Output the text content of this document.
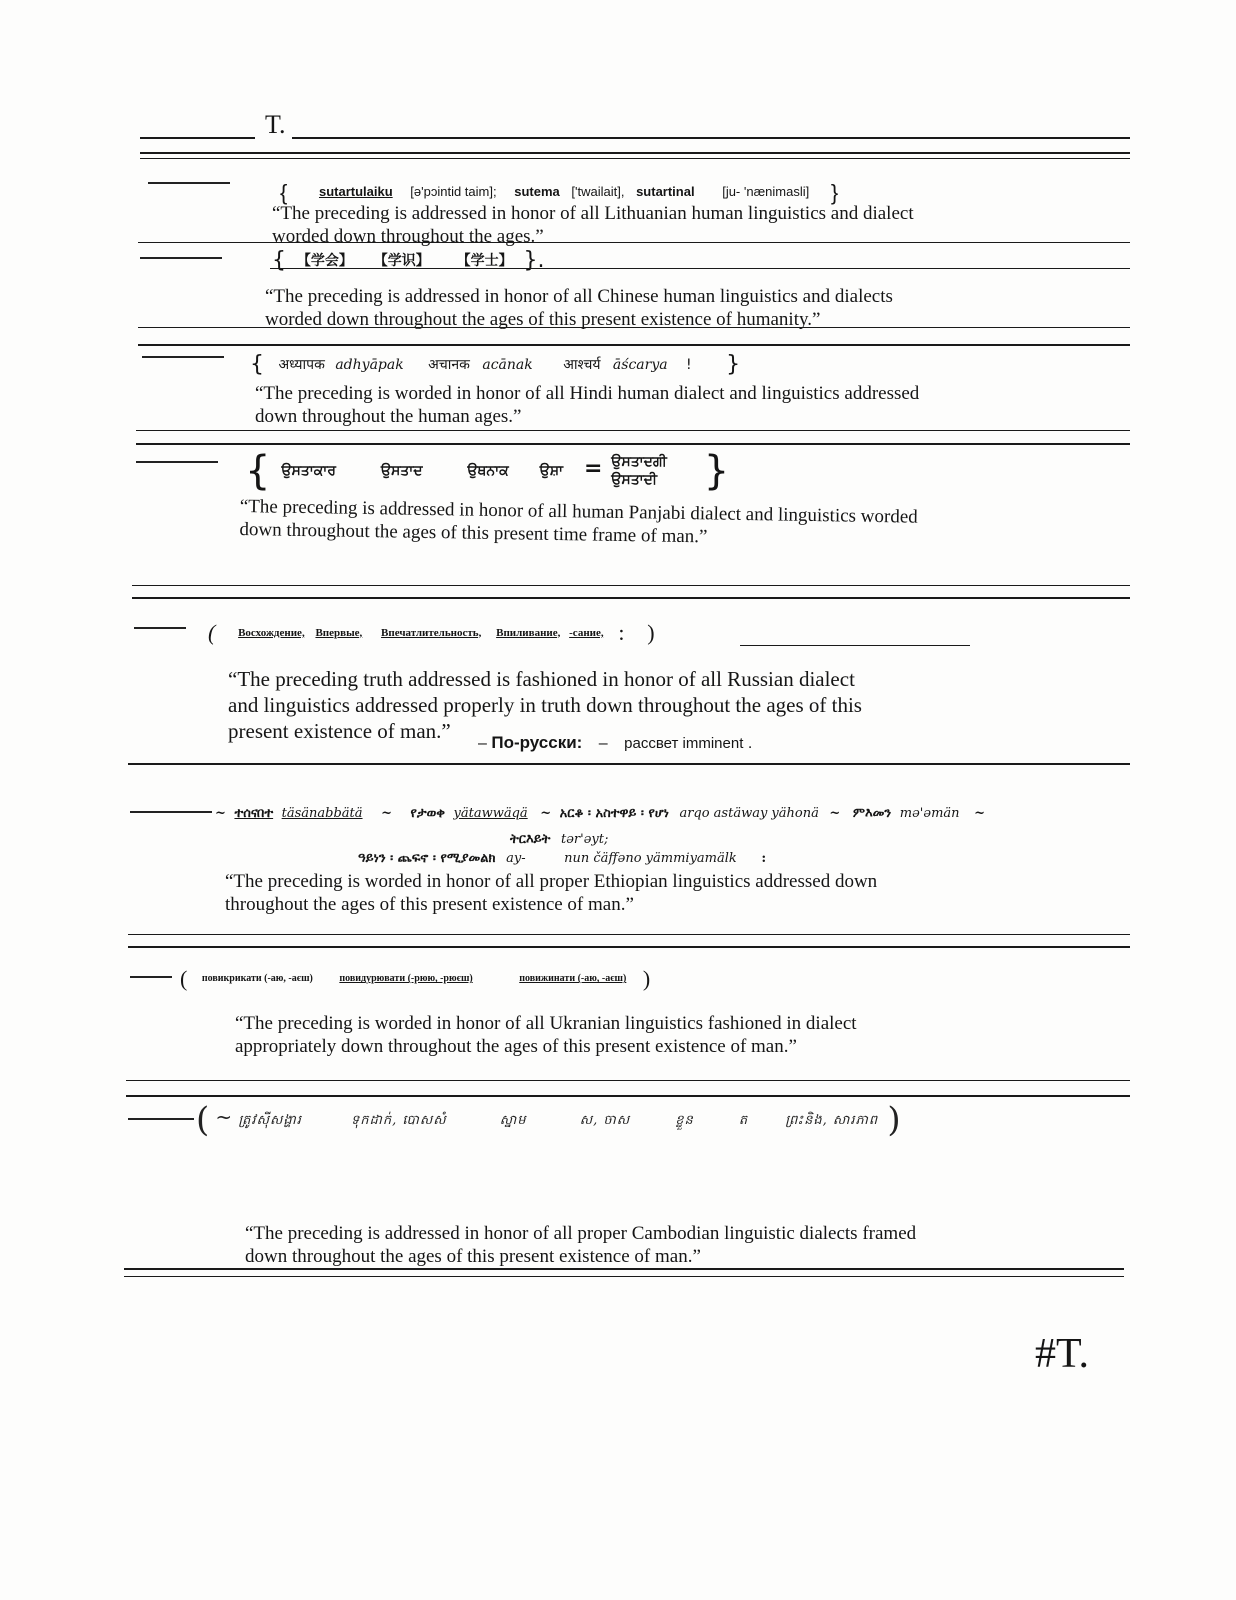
T.
{ sutartulaiku [ə'pɔintid taim]; sutema ['twailait], sutartinal [ju- 'nænimasli] }
“The preceding is addressed in honor of all Lithuanian human linguistics and dialect
worded down throughout the ages.”
{ 【学会】 【学识】 【学士】 }.
“The preceding is addressed in honor of all Chinese human linguistics and dialects
worded down throughout the ages of this present existence of humanity.”
{ अध्यापक adhyāpak अचानक acānak आश्चर्य āścarya ! }
“The preceding is worded in honor of all Hindi human dialect and linguistics addressed
down throughout the human ages.”
{ ਉਸਤਾਕਾਰ	ਉਸਤਾਦ	ਉਥਨਾਕ ਉਸ਼ਾ = ਉਸਤਾਦਗੀ
ਉਸਤਾਦੀ }
“The preceding is addressed in honor of all human Panjabi dialect and linguistics worded
down throughout the ages of this present time frame of man.”
( Восхождение, Впервые, Впечатлительность, Впиливание, -сание, : )
“The preceding truth addressed is fashioned in honor of all Russian dialect
and linguistics addressed properly in truth down throughout the ages of this
present existence of man.”
– По-русски: – рассвет imminent .
~ ተሰናበተ täsänabbätä ~ የታወቀ yätawwäqä ~ አርቆ ፡ አስተዋይ ፡ የሆነ arqo astäway yähonä ~ ምእመን mə'əmän ~
ትርእይት tər'əyt;
ዓይነን ፡ ጨፍኖ ፡ የሚያመልክ ay-	nun čäffəno yämmiyamälk :
“The preceding is worded in honor of all proper Ethiopian linguistics addressed down
throughout the ages of this present existence of man.”
( повикрикати (-аю, -аєш)	повидурювати (-рюю, -рюєш)	повижинати (-аю, -аєш) )
“The preceding is worded in honor of all Ukranian linguistics fashioned in dialect
appropriately down throughout the ages of this present existence of man.”
( ~ ត្រូវស៊ីសង្ហារ	ទុកដាក់, បោសសំ	ស្នាម	ស, ចាស	ខ្លួន	ត	ព្រះនិង, សារភាព )
“The preceding is addressed in honor of all proper Cambodian linguistic dialects framed
down throughout the ages of this present existence of man.”
#T.
